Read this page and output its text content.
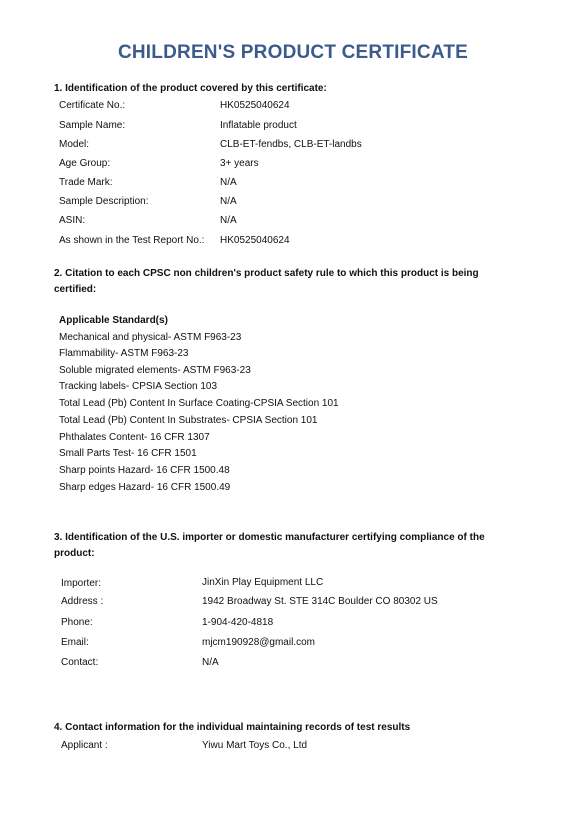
CHILDREN'S PRODUCT CERTIFICATE
1. Identification of the product covered by this certificate:
Certificate No.:	HK0525040624
Sample Name:	Inflatable product
Model:	CLB-ET-fendbs, CLB-ET-landbs
Age Group:	3+ years
Trade Mark:	N/A
Sample Description:	N/A
ASIN:	N/A
As shown in the Test Report No.: HK0525040624
2. Citation to each CPSC non children's product safety rule to which this product is being
certified:
Applicable Standard(s)
Mechanical and physical- ASTM F963-23
Flammability- ASTM F963-23
Soluble migrated elements- ASTM F963-23
Tracking labels- CPSIA Section 103
Total Lead (Pb) Content In Surface Coating-CPSIA Section 101
Total Lead (Pb) Content In Substrates- CPSIA Section 101
Phthalates Content- 16 CFR 1307
Small Parts Test- 16 CFR 1501
Sharp points Hazard- 16 CFR 1500.48
Sharp edges Hazard- 16 CFR 1500.49
3. Identification of the U.S. importer or domestic manufacturer certifying compliance of the
product:
Importer:	JinXin Play Equipment LLC
Address :	1942 Broadway St. STE 314C Boulder CO 80302 US
Phone:	1-904-420-4818
Email:	mjcm190928@gmail.com
Contact:	N/A
4. Contact information for the individual maintaining records of test results
Applicant :	Yiwu Mart Toys Co., Ltd
